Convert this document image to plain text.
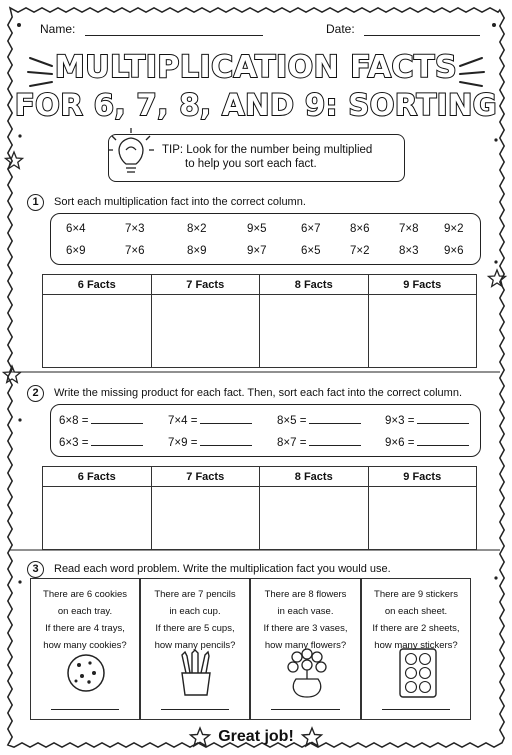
Name:	Date:
MULTIPLICATION FACTS
FOR 6, 7, 8, AND 9: SORTING
TIP: Look for the number being multiplied
to help you sort each fact.
1	Sort each multiplication fact into the correct column.
6×4	7×3	8×2	9×5	6×7	8×6	7×8 9×2
6×9	7×6	8×9	9×7	6×5	7×2	8×3 9×6
6 Facts	7 Facts	8 Facts	9 Facts

2	Write the missing product for each fact. Then, sort each fact into the correct column.
6×8 =	7×4 =	8×5 =	9×3 =
6×3 =	7×9 =	8×7 =	9×6 =
6 Facts	7 Facts	8 Facts	9 Facts

3	Read each word problem. Write the multiplication fact you would use.
There are 6 cookies
on each tray.
If there are 4 trays,
how many cookies?
There are 7 pencils
in each cup.
If there are 5 cups,
how many pencils?
There are 8 flowers
in each vase.
If there are 3 vases,
how many flowers?
There are 9 stickers
on each sheet.
If there are 2 sheets,
how many stickers?
Great job!
